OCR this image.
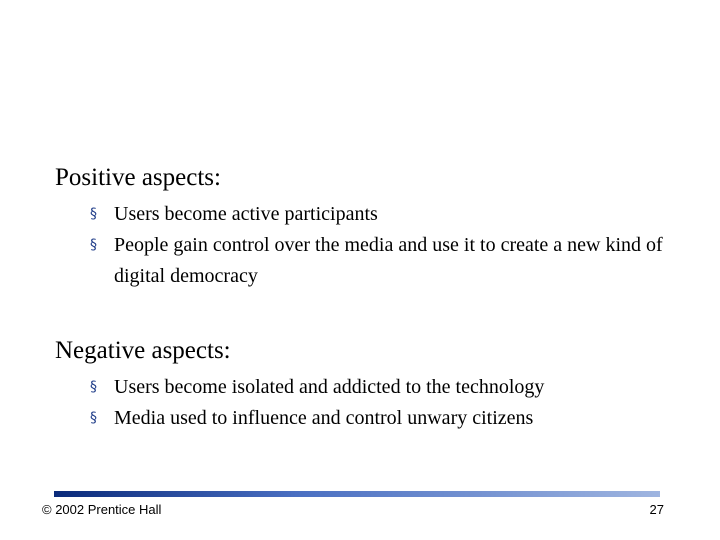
Positive aspects:
§ Users become active participants
§ People gain control over the media and use it to create a new kind of digital democracy
Negative aspects:
§ Users become isolated and addicted to the technology
§ Media used to influence and control unwary citizens
© 2002 Prentice Hall	27
